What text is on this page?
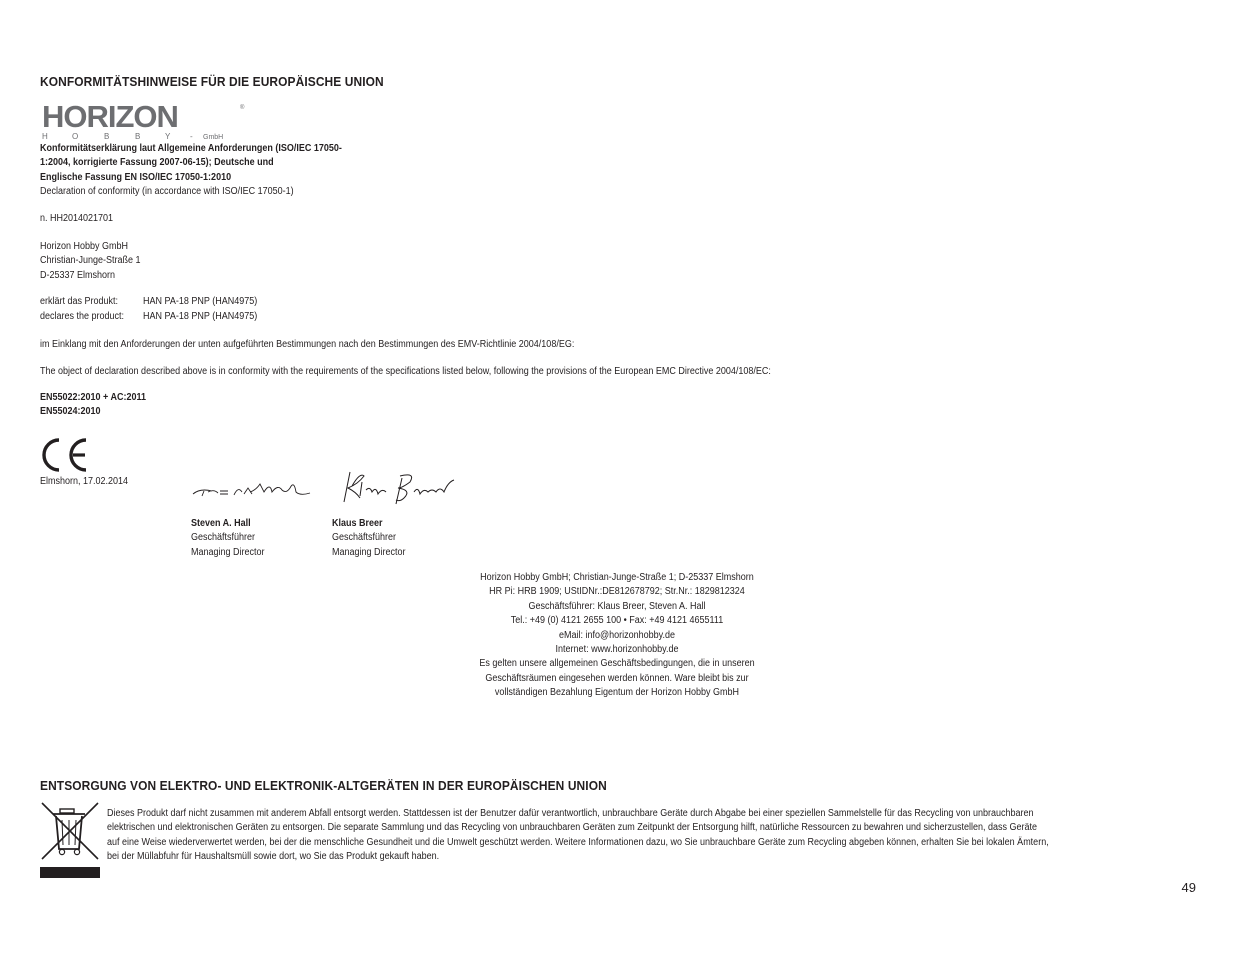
KONFORMITÄTSHINWEISE FÜR DIE EUROPÄISCHE UNION
HORIZON	®
H	O	B	B	Y - GmbH
Konformitätserklärung laut Allgemeine Anforderungen (ISO/IEC 17050-
1:2004, korrigierte Fassung 2007-06-15); Deutsche und
Englische Fassung EN ISO/IEC 17050-1:2010
Declaration of conformity (in accordance with ISO/IEC 17050-1)
n. HH2014021701
Horizon Hobby GmbH
Christian-Junge-Straße 1
D-25337 Elmshorn
erklärt das Produkt: HAN PA-18 PNP (HAN4975)
declares the product: HAN PA-18 PNP (HAN4975)
im Einklang mit den Anforderungen der unten aufgeführten Bestimmungen nach den Bestimmungen des EMV-Richtlinie 2004/108/EG:
The object of declaration described above is in conformity with the requirements of the specifications listed below, following the provisions of the European EMC Directive 2004/108/EC:
EN55022:2010 + AC:2011
EN55024:2010
Elmshorn, 17.02.2014
Steven A. Hall
Geschäftsführer
Managing Director
Klaus Breer
Geschäftsführer
Managing Director
Horizon Hobby GmbH; Christian-Junge-Straße 1; D-25337 Elmshorn
HR Pi: HRB 1909; UStIDNr.:DE812678792; Str.Nr.: 1829812324
Geschäftsführer: Klaus Breer, Steven A. Hall
Tel.: +49 (0) 4121 2655 100 • Fax: +49 4121 4655111
eMail: info@horizonhobby.de
Internet: www.horizonhobby.de
Es gelten unsere allgemeinen Geschäftsbedingungen, die in unseren
Geschäftsräumen eingesehen werden können. Ware bleibt bis zur
vollständigen Bezahlung Eigentum der Horizon Hobby GmbH
ENTSORGUNG VON ELEKTRO- UND ELEKTRONIK-ALTGERÄTEN IN DER EUROPÄISCHEN UNION
Dieses Produkt darf nicht zusammen mit anderem Abfall entsorgt werden. Stattdessen ist der Benutzer dafür verantwortlich, unbrauchbare Geräte durch Abgabe bei einer speziellen Sammelstelle für das Recycling von unbrauchbaren
elektrischen und elektronischen Geräten zu entsorgen. Die separate Sammlung und das Recycling von unbrauchbaren Geräten zum Zeitpunkt der Entsorgung hilft, natürliche Ressourcen zu bewahren und sicherzustellen, dass Geräte
auf eine Weise wiederverwertet werden, bei der die menschliche Gesundheit und die Umwelt geschützt werden. Weitere Informationen dazu, wo Sie unbrauchbare Geräte zum Recycling abgeben können, erhalten Sie bei lokalen Ämtern,
bei der Müllabfuhr für Haushaltsmüll sowie dort, wo Sie das Produkt gekauft haben.
49
